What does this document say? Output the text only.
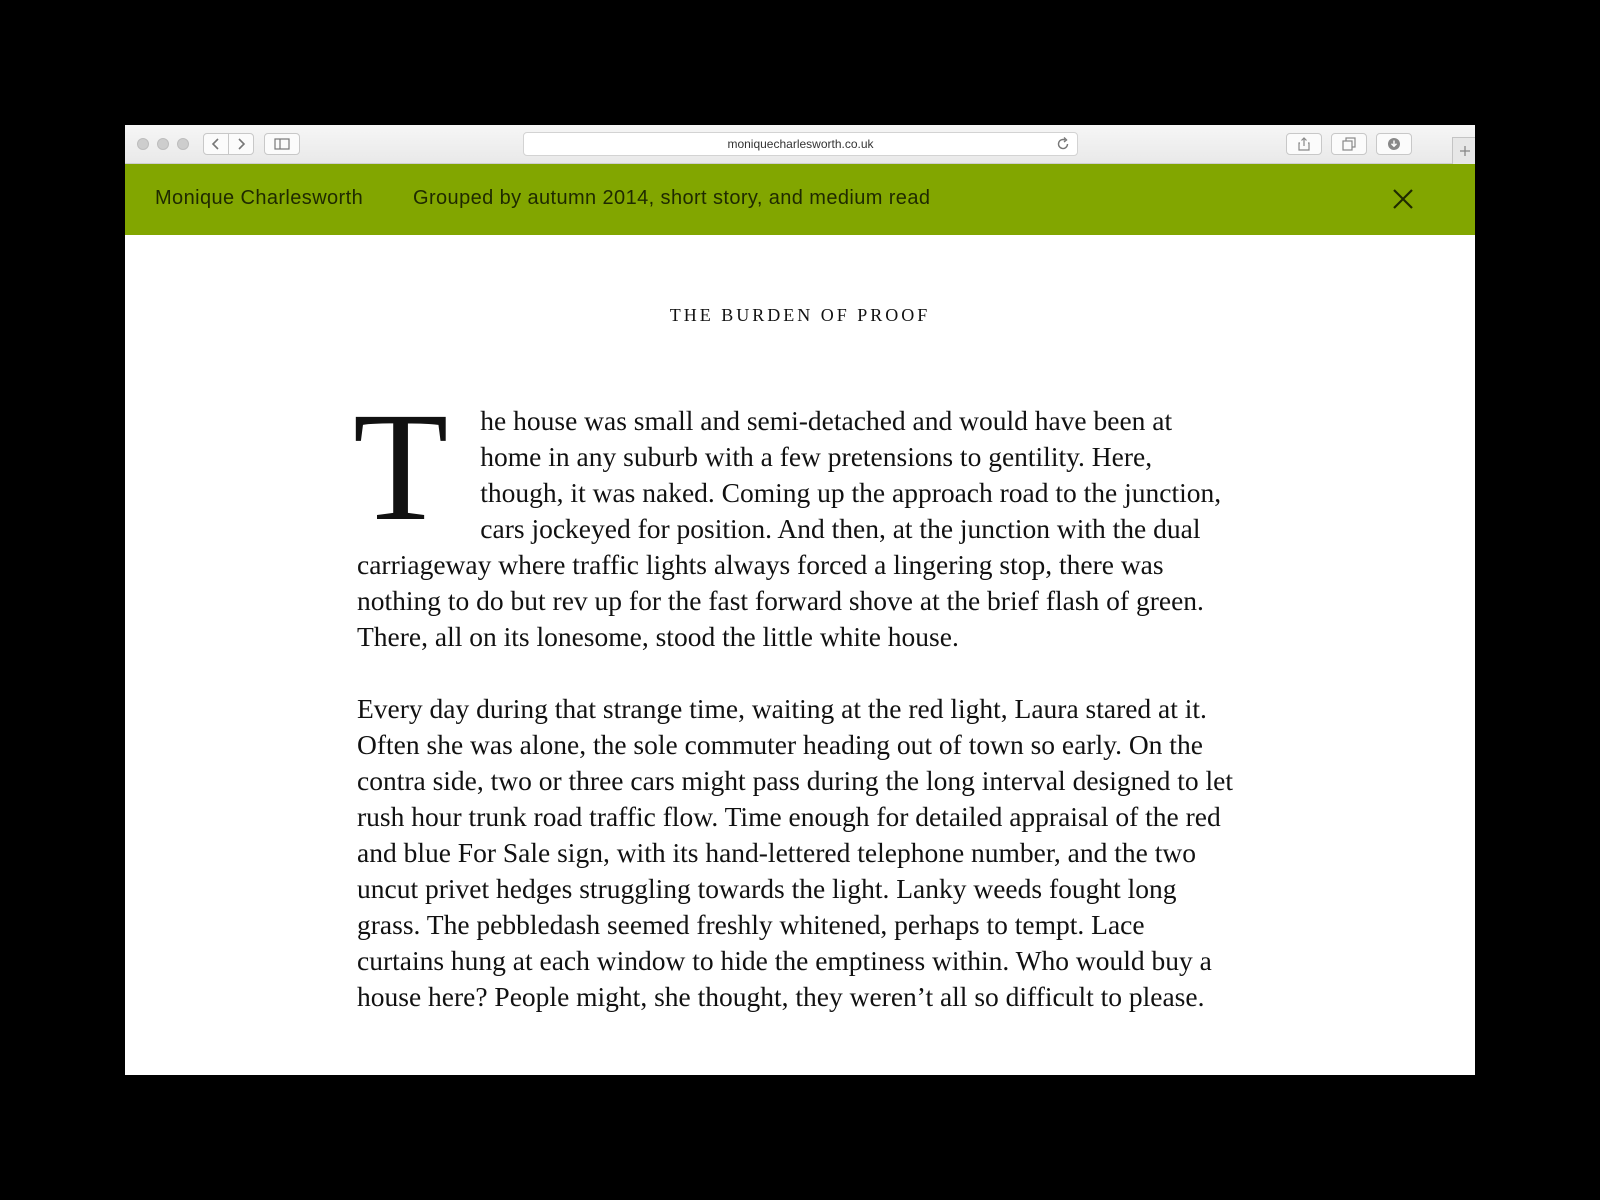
moniquecharlesworth.co.uk
Monique Charlesworth Grouped by autumn 2014, short story, and medium read
THE BURDEN OF PROOF

T he house was small and semi-detached and would have been at home in any suburb with a few pretensions to gentility. Here, though, it was naked. Coming up the approach road to the junction, cars jockeyed for position. And then, at the junction with the dual carriageway where traffic lights always forced a lingering stop, there was nothing to do but rev up for the fast forward shove at the brief flash of green. There, all on its lonesome, stood the little white house.

Every day during that strange time, waiting at the red light, Laura stared at it. Often she was alone, the sole commuter heading out of town so early. On the contra side, two or three cars might pass during the long interval designed to let rush hour trunk road traffic flow. Time enough for detailed appraisal of the red and blue For Sale sign, with its hand-lettered telephone number, and the two uncut privet hedges struggling towards the light. Lanky weeds fought long grass. The pebbledash seemed freshly whitened, perhaps to tempt. Lace curtains hung at each window to hide the emptiness within. Who would buy a house here? People might, she thought, they weren’t all so difficult to please.
